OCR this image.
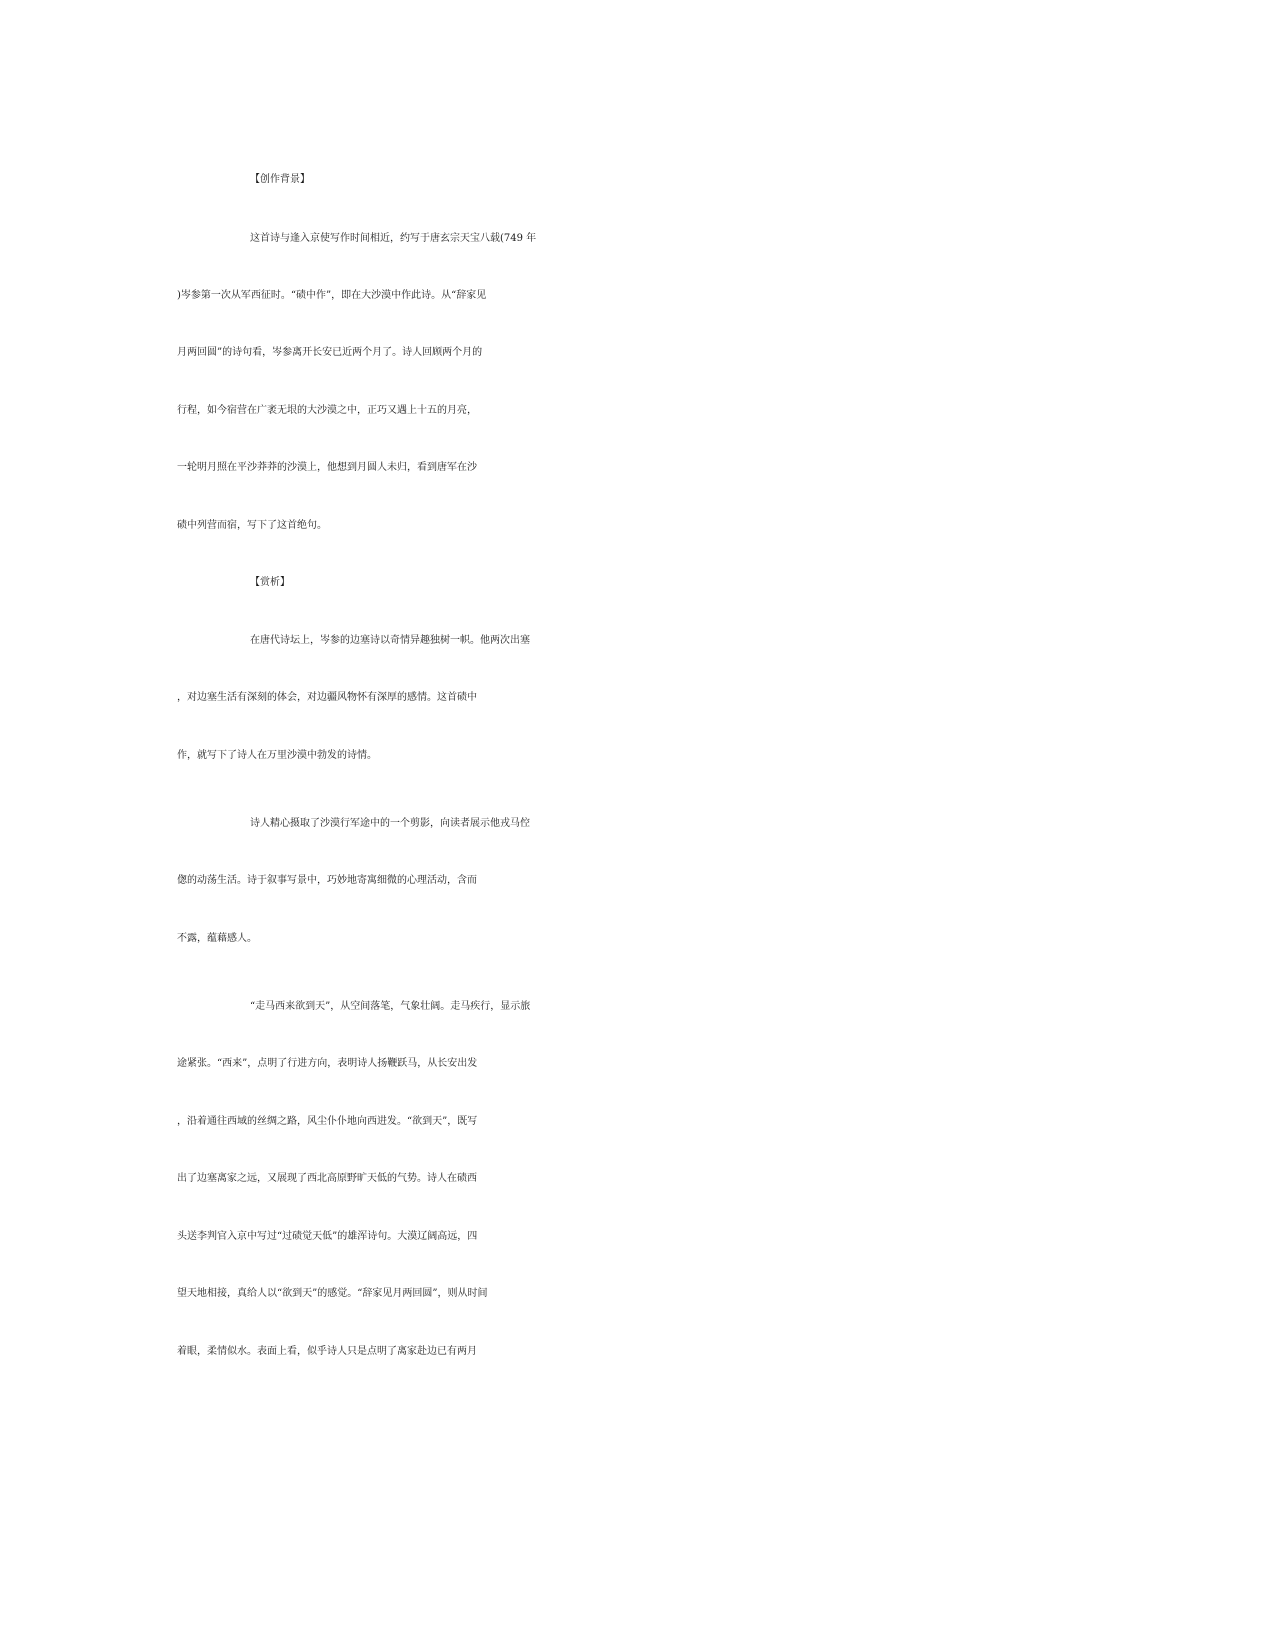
【创作背景】
这首诗与逢入京使写作时间相近，约写于唐玄宗天宝八载(749 年
)岑参第一次从军西征时。“碛中作”，即在大沙漠中作此诗。从“辞家见
月两回圆”的诗句看，岑参离开长安已近两个月了。诗人回顾两个月的
行程，如今宿营在广袤无垠的大沙漠之中，正巧又遇上十五的月亮，
一轮明月照在平沙莽莽的沙漠上，他想到月圆人未归，看到唐军在沙
碛中列营而宿，写下了这首绝句。
【赏析】
在唐代诗坛上，岑参的边塞诗以奇情异趣独树一帜。他两次出塞
，对边塞生活有深刻的体会，对边疆风物怀有深厚的感情。这首碛中
作，就写下了诗人在万里沙漠中勃发的诗情。
诗人精心摄取了沙漠行军途中的一个剪影，向读者展示他戎马倥
偬的动荡生活。诗于叙事写景中，巧妙地寄寓细微的心理活动，含而
不露，蕴藉感人。
“走马西来欲到天”，从空间落笔，气象壮阔。走马疾行，显示旅
途紧张。“西来”，点明了行进方向，表明诗人扬鞭跃马，从长安出发
，沿着通往西域的丝绸之路，风尘仆仆地向西进发。“欲到天”，既写
出了边塞离家之远，又展现了西北高原野旷天低的气势。诗人在碛西
头送李判官入京中写过“过碛觉天低”的雄浑诗句。大漠辽阔高远，四
望天地相接，真给人以“欲到天”的感觉。“辞家见月两回圆”，则从时间
着眼，柔情似水。表面上看，似乎诗人只是点明了离家赴边已有两月
